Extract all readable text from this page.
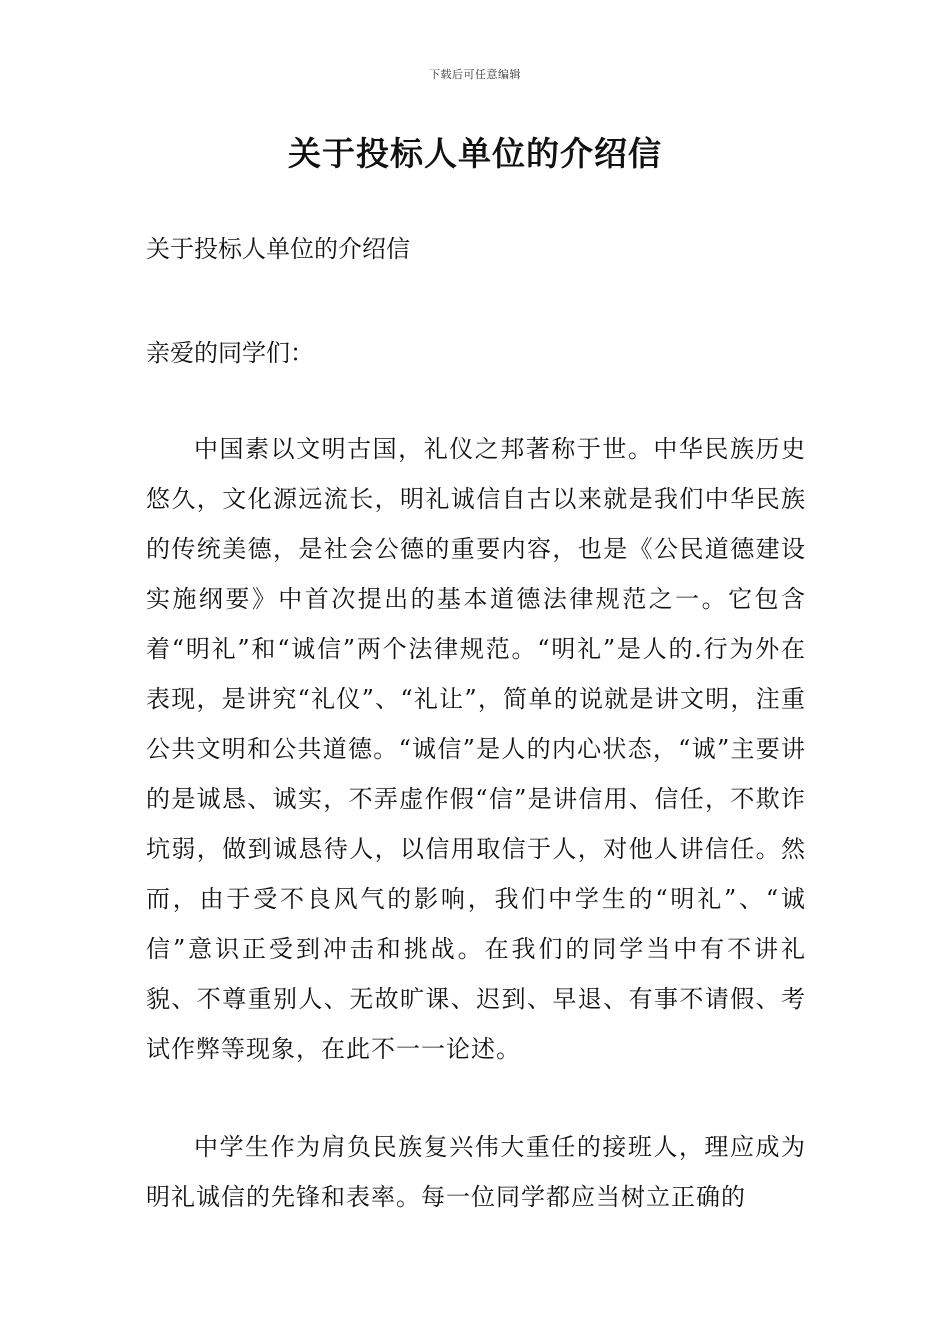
下载后可任意编辑
关于投标人单位的介绍信

关于投标人单位的介绍信

亲爱的同学们：

中国素以文明古国，礼仪之邦著称于世。中华民族历史悠久，文化源远流长，明礼诚信自古以来就是我们中华民族的传统美德，是社会公德的重要内容，也是《公民道德建设实施纲要》中首次提出的基本道德法律规范之一。它包含着“明礼”和“诚信”两个法律规范。“明礼”是人的.行为外在表现，是讲究“礼仪”、“礼让”，简单的说就是讲文明，注重公共文明和公共道德。“诚信”是人的内心状态，“诚”主要讲的是诚恳、诚实，不弄虚作假“信”是讲信用、信任，不欺诈坑弱，做到诚恳待人，以信用取信于人，对他人讲信任。然而，由于受不良风气的影响，我们中学生的“明礼”、“诚信”意识正受到冲击和挑战。在我们的同学当中有不讲礼貌、不尊重别人、无故旷课、迟到、早退、有事不请假、考试作弊等现象，在此不一一论述。

中学生作为肩负民族复兴伟大重任的接班人，理应成为明礼诚信的先锋和表率。每一位同学都应当树立正确的
